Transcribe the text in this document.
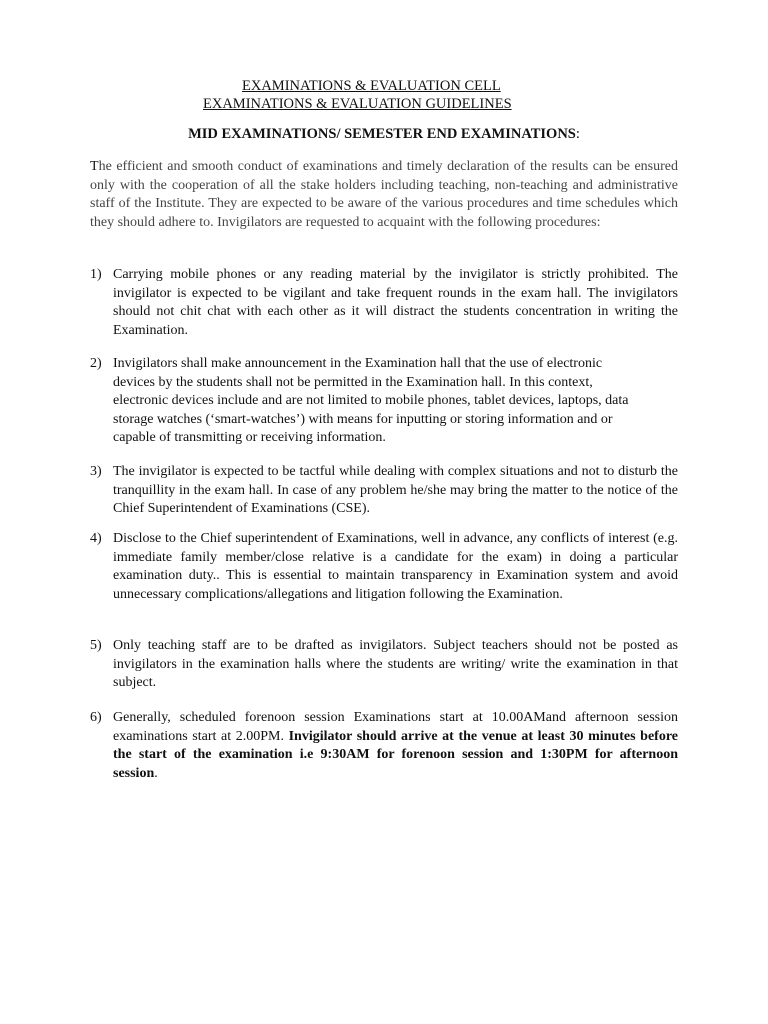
EXAMINATIONS & EVALUATION CELL
EXAMINATIONS & EVALUATION GUIDELINES
MID EXAMINATIONS/ SEMESTER END EXAMINATIONS:
The efficient and smooth conduct of examinations and timely declaration of the results can be ensured only with the cooperation of all the stake holders including teaching, non-teaching and administrative staff of the Institute. They are expected to be aware of the various procedures and time schedules which they should adhere to. Invigilators are requested to acquaint with the following procedures:
1) Carrying mobile phones or any reading material by the invigilator is strictly prohibited. The invigilator is expected to be vigilant and take frequent rounds in the exam hall. The invigilators should not chit chat with each other as it will distract the students concentration in writing the Examination.
2) Invigilators shall make announcement in the Examination hall that the use of electronic
devices by the students shall not be permitted in the Examination hall. In this context,
electronic devices include and are not limited to mobile phones, tablet devices, laptops, data
storage watches (‘smart-watches’) with means for inputting or storing information and or
capable of transmitting or receiving information.
3) The invigilator is expected to be tactful while dealing with complex situations and not to disturb the tranquillity in the exam hall. In case of any problem he/she may bring the matter to the notice of the Chief Superintendent of Examinations (CSE).
4) Disclose to the Chief superintendent of Examinations, well in advance, any conflicts of interest (e.g. immediate family member/close relative is a candidate for the exam) in doing a particular examination duty.. This is essential to maintain transparency in Examination system and avoid unnecessary complications/allegations and litigation following the Examination.
5) Only teaching staff are to be drafted as invigilators. Subject teachers should not be posted as invigilators in the examination halls where the students are writing/ write the examination in that subject.
6) Generally, scheduled forenoon session Examinations start at 10.00AMand afternoon session examinations start at 2.00PM. Invigilator should arrive at the venue at least 30 minutes before the start of the examination i.e 9:30AM for forenoon session and 1:30PM for afternoon session.
